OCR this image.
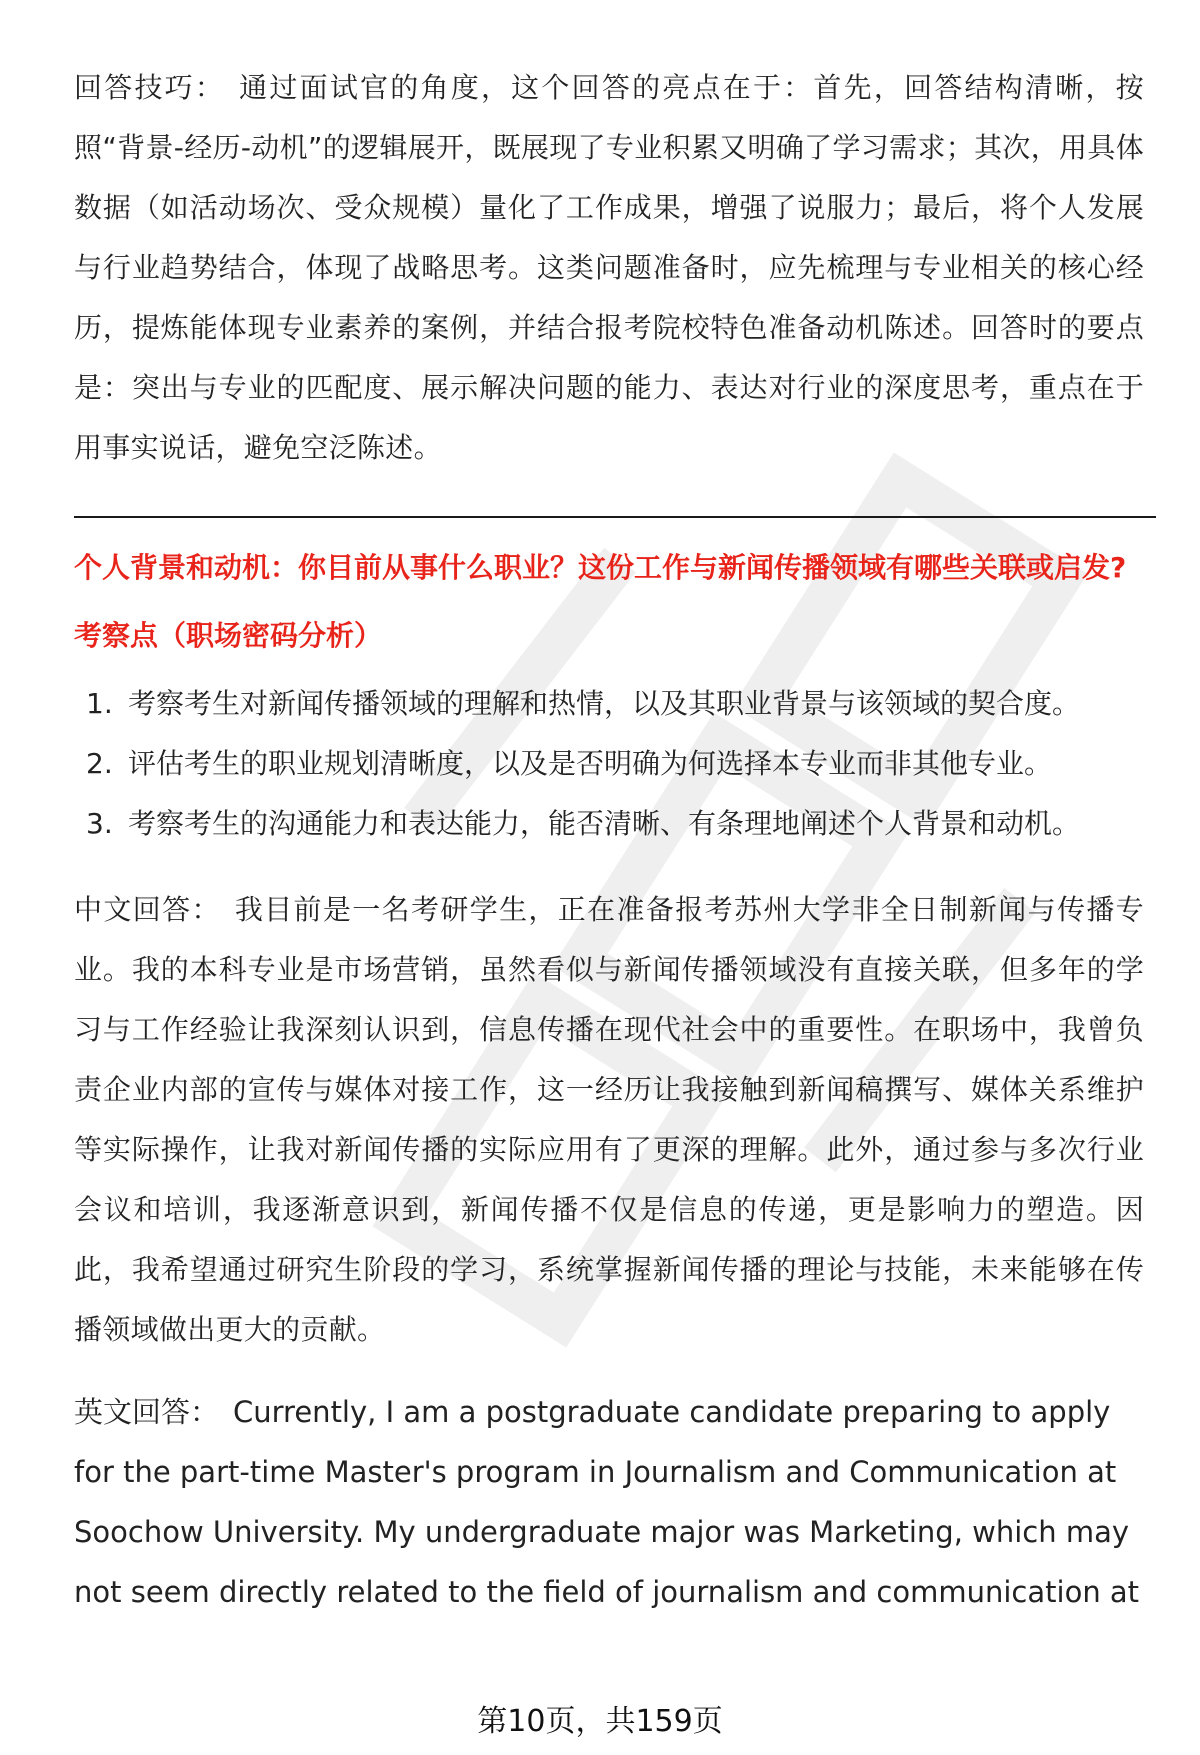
回答技巧： 通过面试官的角度，这个回答的亮点在于：首先，回答结构清晰，按照“背景-经历-动机”的逻辑展开，既展现了专业积累又明确了学习需求；其次，用具体数据（如活动场次、受众规模）量化了工作成果，增强了说服力；最后，将个人发展与行业趋势结合，体现了战略思考。这类问题准备时，应先梳理与专业相关的核心经历，提炼能体现专业素养的案例，并结合报考院校特色准备动机陈述。回答时的要点是：突出与专业的匹配度、展示解决问题的能力、表达对行业的深度思考，重点在于用事实说话，避免空泛陈述。

个人背景和动机：你目前从事什么职业？这份工作与新闻传播领域有哪些关联或启发?

考察点（职场密码分析）

1. 考察考生对新闻传播领域的理解和热情，以及其职业背景与该领域的契合度。
2. 评估考生的职业规划清晰度，以及是否明确为何选择本专业而非其他专业。
3. 考察考生的沟通能力和表达能力，能否清晰、有条理地阐述个人背景和动机。

中文回答： 我目前是一名考研学生，正在准备报考苏州大学非全日制新闻与传播专业。我的本科专业是市场营销，虽然看似与新闻传播领域没有直接关联，但多年的学习与工作经验让我深刻认识到，信息传播在现代社会中的重要性。在职场中，我曾负责企业内部的宣传与媒体对接工作，这一经历让我接触到新闻稿撰写、媒体关系维护等实际操作，让我对新闻传播的实际应用有了更深的理解。此外，通过参与多次行业会议和培训，我逐渐意识到，新闻传播不仅是信息的传递，更是影响力的塑造。因此，我希望通过研究生阶段的学习，系统掌握新闻传播的理论与技能，未来能够在传播领域做出更大的贡献。

英文回答： Currently, I am a postgraduate candidate preparing to apply for the part-time Master's program in Journalism and Communication at Soochow University. My undergraduate major was Marketing, which may not seem directly related to the field of journalism and communication at

第10页，共159页
